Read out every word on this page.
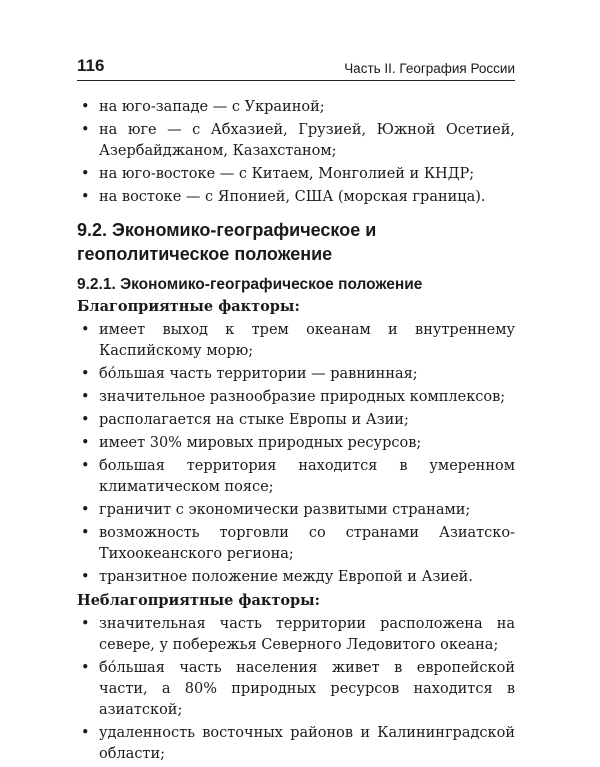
116	Часть II. География России
• на юго-западе — с Украиной;
• на юге — с Абхазией, Грузией, Южной Осетией, Азербайджаном, Казахстаном;
• на юго-востоке — с Китаем, Монголией и КНДР;
• на востоке — с Японией, США (морская граница).
9.2. Экономико-географическое и геополитическое положение
9.2.1. Экономико-географическое положение
Благоприятные факторы:
• имеет выход к трем океанам и внутреннему Каспийскому морю;
• бо́льшая часть территории — равнинная;
• значительное разнообразие природных комплексов;
• располагается на стыке Европы и Азии;
• имеет 30% мировых природных ресурсов;
• большая территория находится в умеренном климатическом поясе;
• граничит с экономически развитыми странами;
• возможность торговли со странами Азиатско-Тихоокеанского региона;
• транзитное положение между Европой и Азией.
Неблагоприятные факторы:
• значительная часть территории расположена на севере, у побережья Северного Ледовитого океана;
• бо́льшая часть населения живет в европейской части, а 80% природных ресурсов находится в азиатской;
• удаленность восточных районов и Калининградской области;
